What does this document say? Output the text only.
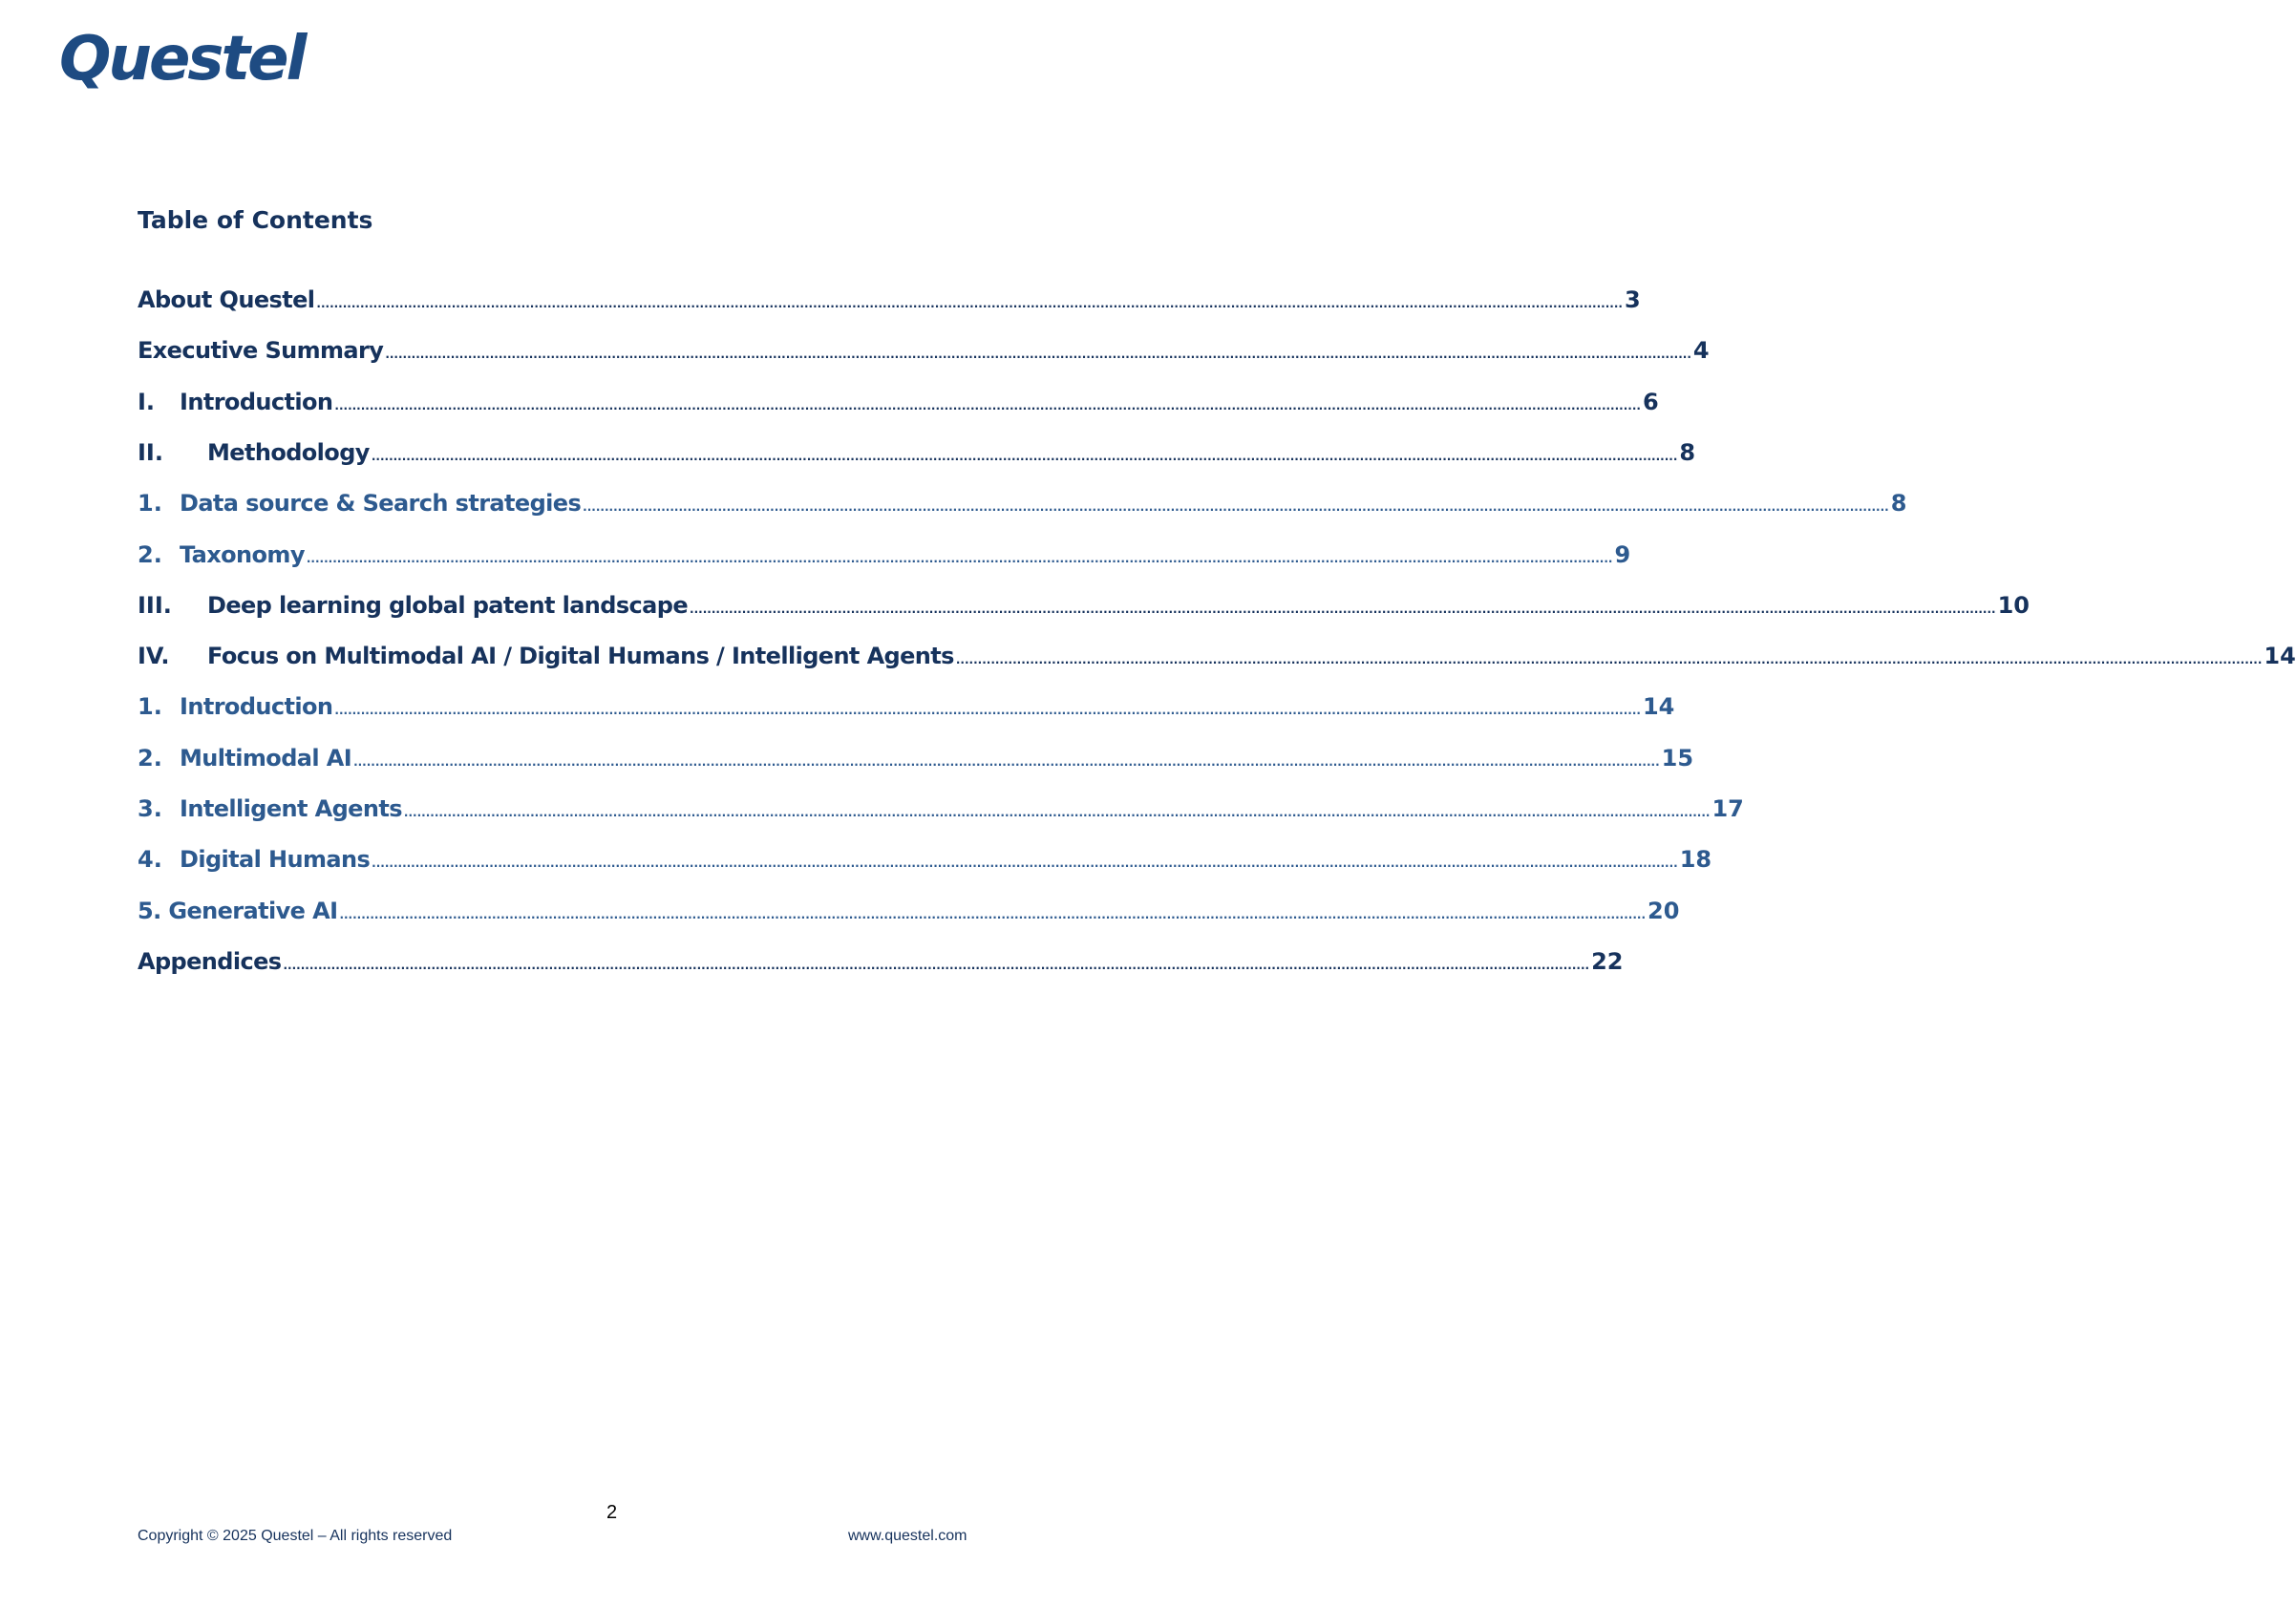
Questel
Table of Contents
About Questel ............................................................................................................................................................................................................................................................................................................ 3
Executive Summary ............................................................................................................................................................................................................................................................................................................ 4
I.	Introduction ............................................................................................................................................................................................................................................................................................................ 6
II.	Methodology ............................................................................................................................................................................................................................................................................................................ 8
1. Data source & Search strategies ............................................................................................................................................................................................................................................................................................................ 8
2. Taxonomy ............................................................................................................................................................................................................................................................................................................ 9
III.	Deep learning global patent landscape ............................................................................................................................................................................................................................................................................................................ 10
IV.	Focus on Multimodal AI / Digital Humans / Intelligent Agents ............................................................................................................................................................................................................................................................................................................ 14
1. Introduction ............................................................................................................................................................................................................................................................................................................ 14
2. Multimodal AI ............................................................................................................................................................................................................................................................................................................ 15
3. Intelligent Agents ............................................................................................................................................................................................................................................................................................................ 17
4. Digital Humans ............................................................................................................................................................................................................................................................................................................ 18
5. Generative AI ............................................................................................................................................................................................................................................................................................................ 20
Appendices ............................................................................................................................................................................................................................................................................................................ 22
2
Copyright © 2025 Questel – All rights reserved	www.questel.com
